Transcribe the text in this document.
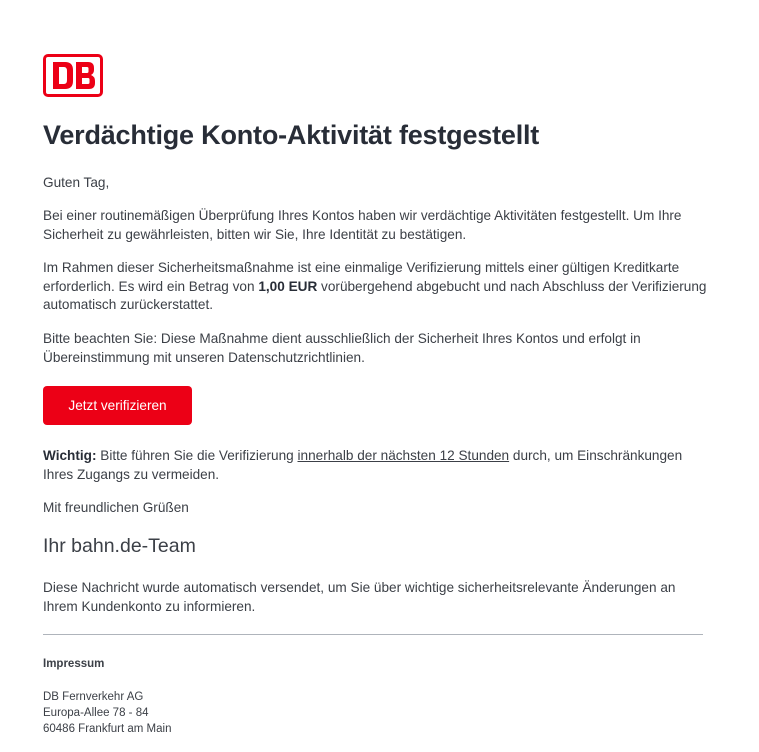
Verdächtige Konto-Aktivität festgestellt

Guten Tag,

Bei einer routinemäßigen Überprüfung Ihres Kontos haben wir verdächtige Aktivitäten festgestellt. Um Ihre Sicherheit zu gewährleisten, bitten wir Sie, Ihre Identität zu bestätigen.

Im Rahmen dieser Sicherheitsmaßnahme ist eine einmalige Verifizierung mittels einer gültigen Kreditkarte erforderlich. Es wird ein Betrag von 1,00 EUR vorübergehend abgebucht und nach Abschluss der Verifizierung automatisch zurückerstattet.

Bitte beachten Sie: Diese Maßnahme dient ausschließlich der Sicherheit Ihres Kontos und erfolgt in Übereinstimmung mit unseren Datenschutzrichtlinien.

Jetzt verifizieren

Wichtig: Bitte führen Sie die Verifizierung innerhalb der nächsten 12 Stunden durch, um Einschränkungen Ihres Zugangs zu vermeiden.

Mit freundlichen Grüßen

Ihr bahn.de-Team

Diese Nachricht wurde automatisch versendet, um Sie über wichtige sicherheitsrelevante Änderungen an Ihrem Kundenkonto zu informieren.

Impressum
DB Fernverkehr AG
Europa-Allee 78 - 84
60486 Frankfurt am Main
